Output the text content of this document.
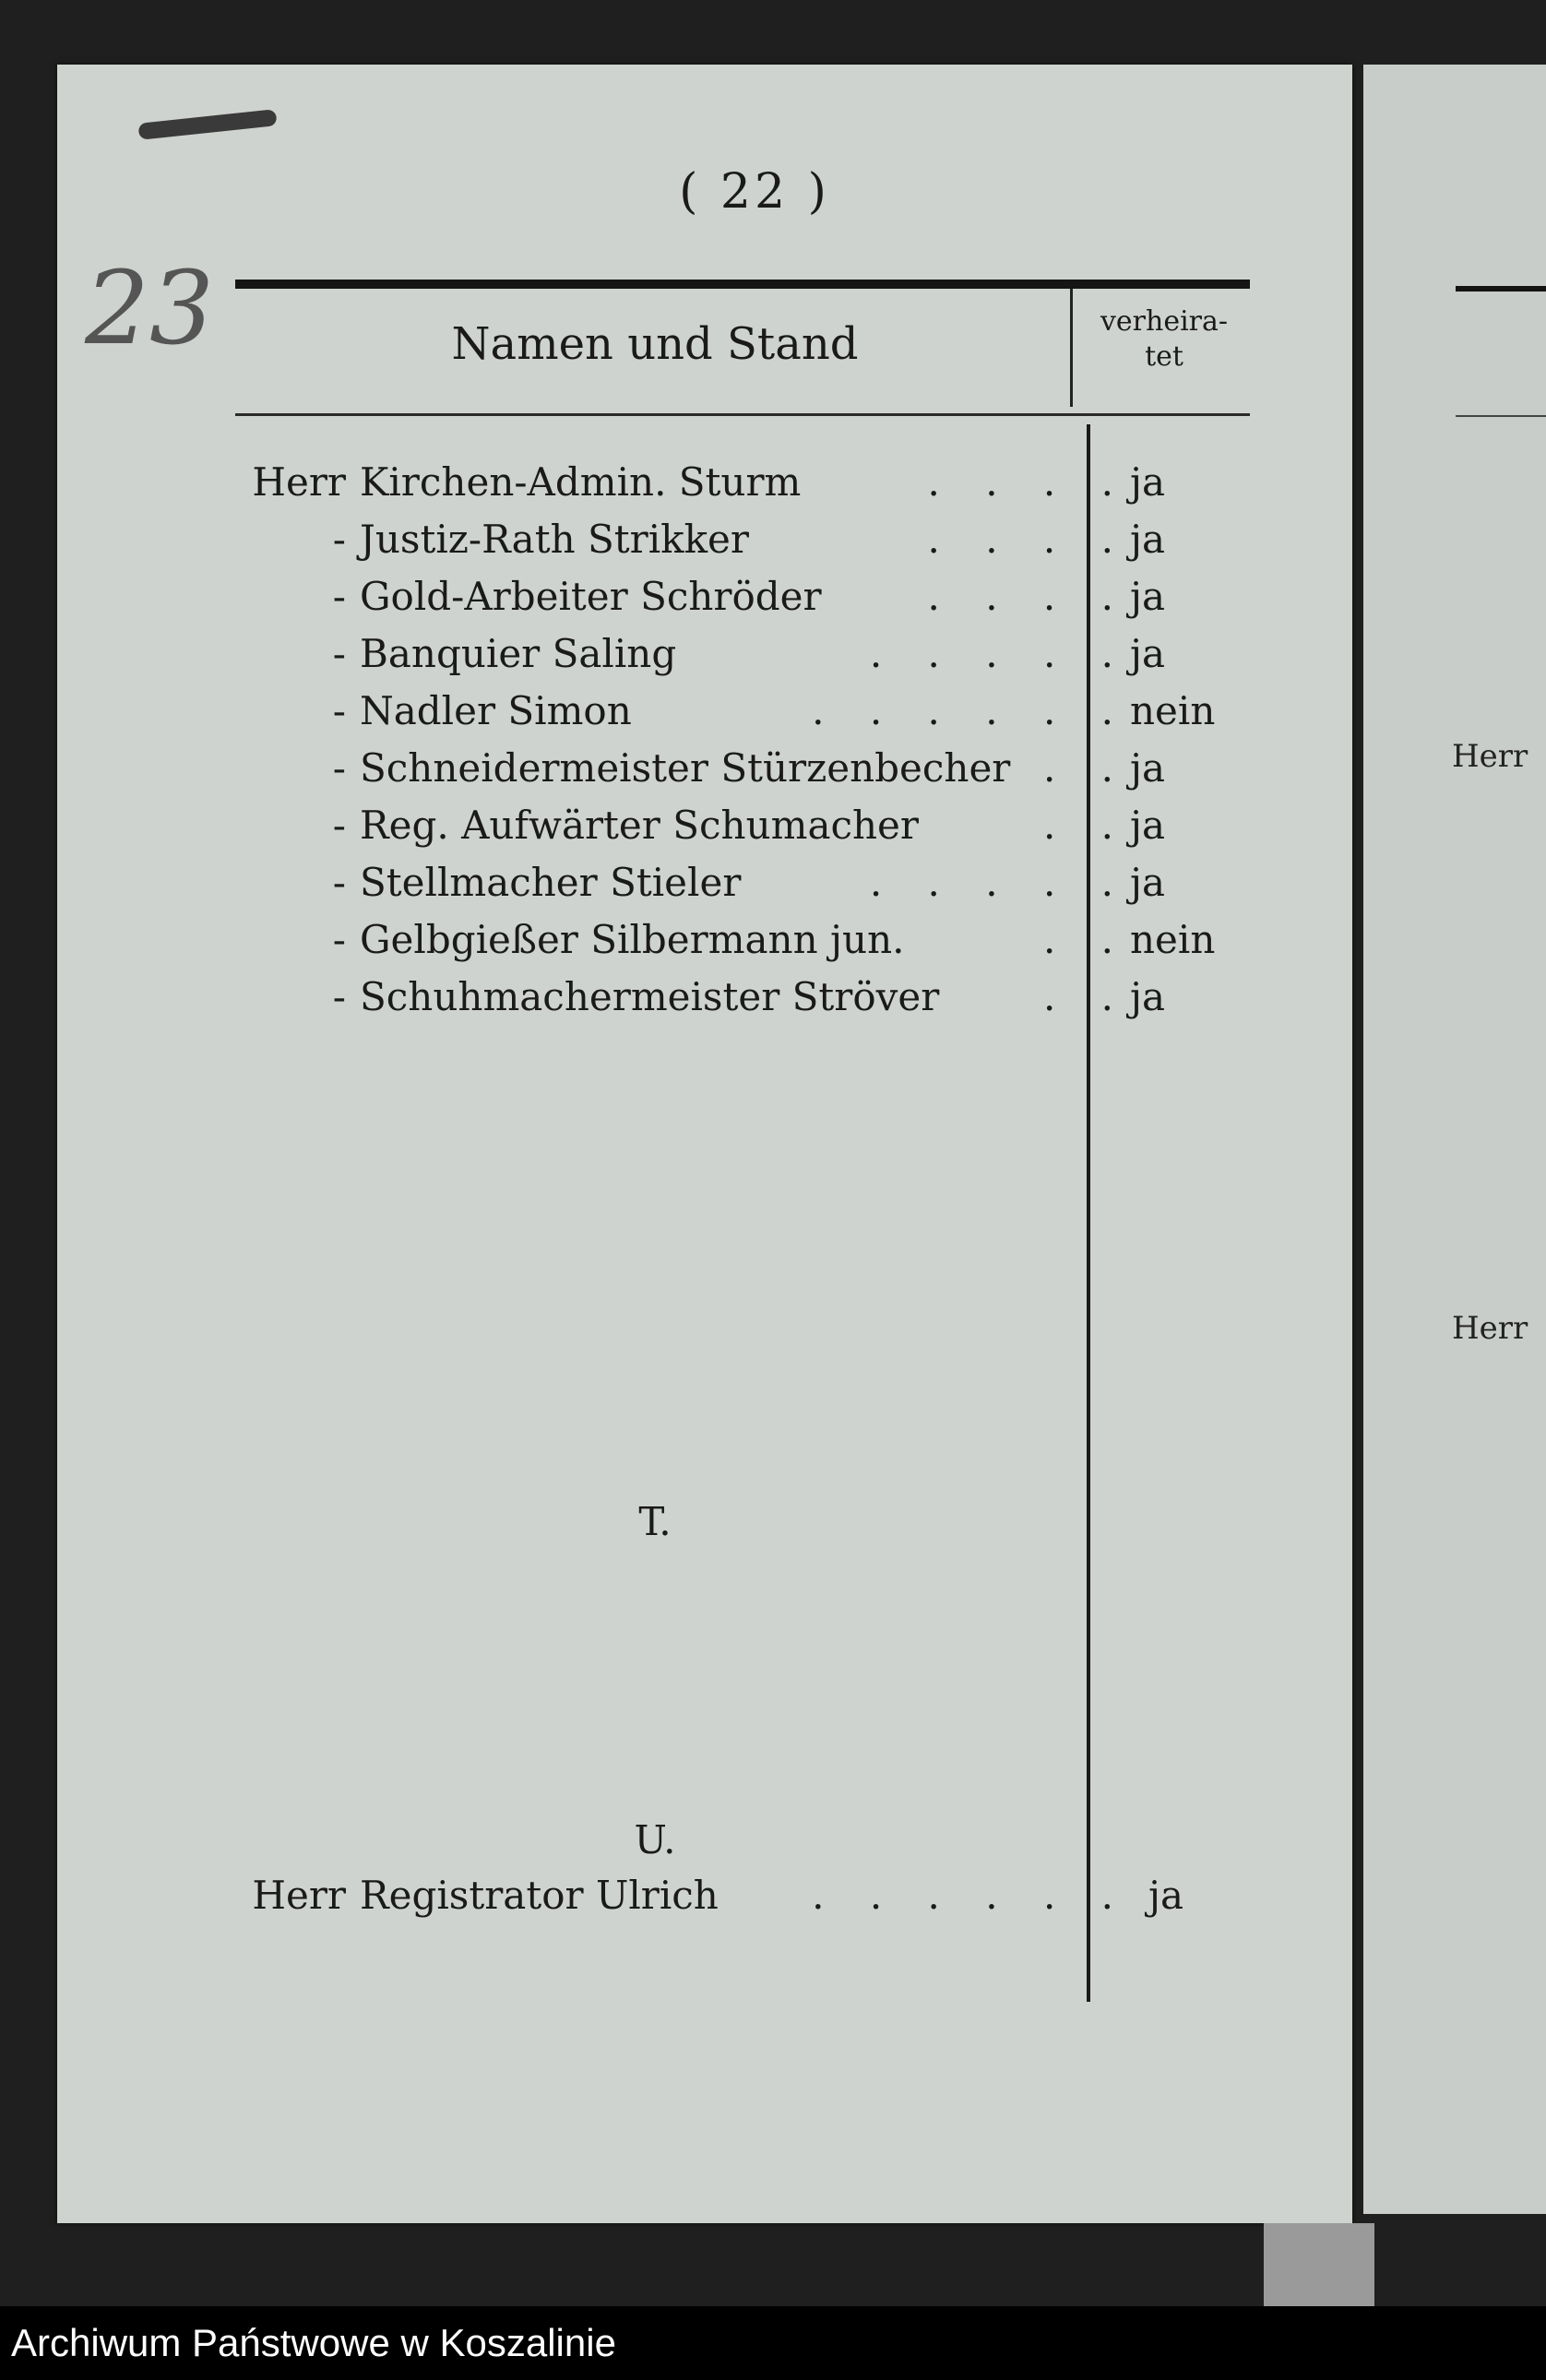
Herr
Herr
23
( 22 )
Namen und Stand	verheira-
tet
Herr Kirchen-Admin. Sturm	. . . . ja
- Justiz-Rath Strikker	. . . . ja
- Gold-Arbeiter Schröder	. . . . ja
- Banquier Saling	. . . . . ja
- Nadler Simon	. . . . . . nein
- Schneidermeister Stürzenbecher . . ja
- Reg. Aufwärter Schumacher	. . ja
- Stellmacher Stieler	. . . . . ja
- Gelbgießer Silbermann jun.	. . nein
- Schuhmachermeister Ströver	. . ja
T.
U.
Herr Registrator Ulrich . . . . . . ja
Archiwum Państwowe w Koszalinie
